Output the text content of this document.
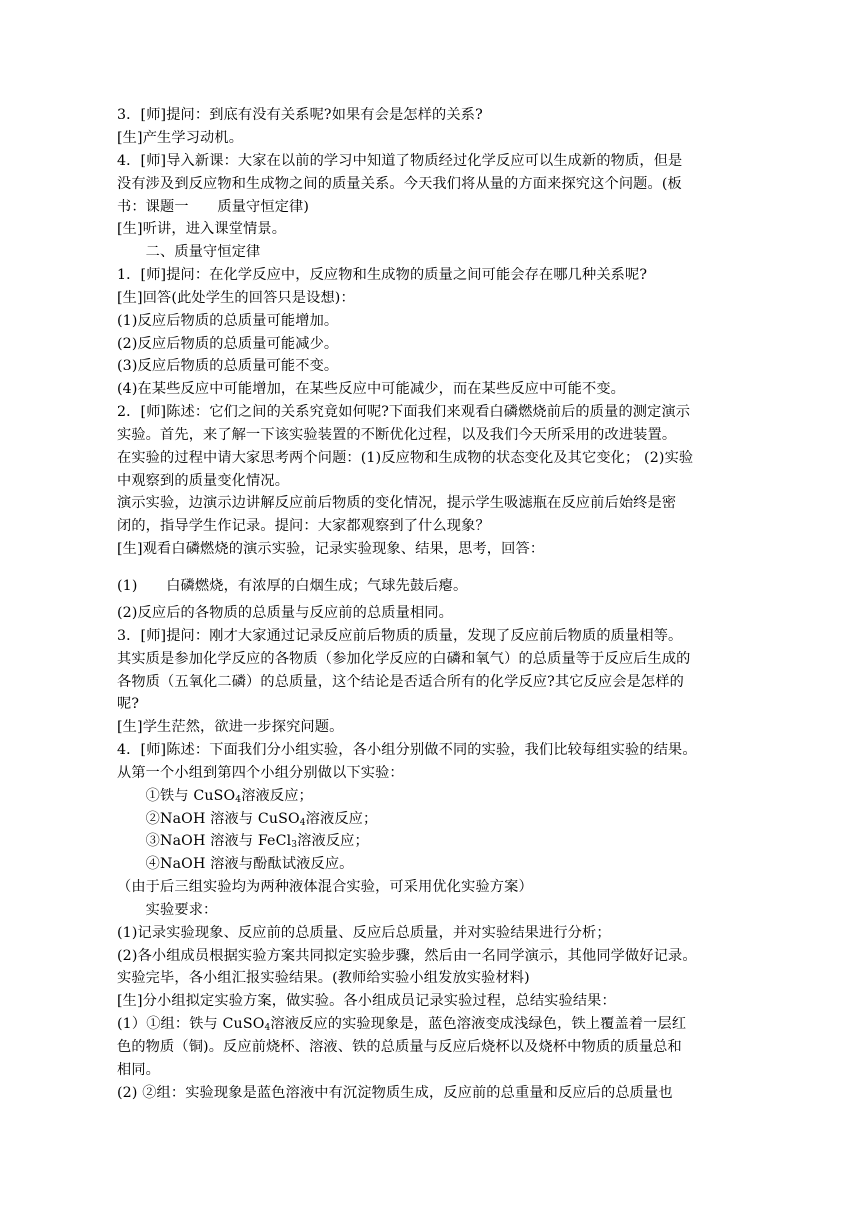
3．[师]提问：到底有没有关系呢?如果有会是怎样的关系?
[生]产生学习动机。
4．[师]导入新课：大家在以前的学习中知道了物质经过化学反应可以生成新的物质，但是
没有涉及到反应物和生成物之间的质量关系。今天我们将从量的方面来探究这个问题。(板
书：课题一　　质量守恒定律)
[生]听讲，进入课堂情景。
　　二、质量守恒定律
1．[师]提问：在化学反应中，反应物和生成物的质量之间可能会存在哪几种关系呢?
[生]回答(此处学生的回答只是设想)：
(1)反应后物质的总质量可能增加。
(2)反应后物质的总质量可能减少。
(3)反应后物质的总质量可能不变。
(4)在某些反应中可能增加，在某些反应中可能减少，而在某些反应中可能不变。
2．[师]陈述：它们之间的关系究竟如何呢?下面我们来观看白磷燃烧前后的质量的测定演示
实验。首先，来了解一下该实验装置的不断优化过程，以及我们今天所采用的改进装置。
在实验的过程中请大家思考两个问题：(1)反应物和生成物的状态变化及其它变化； (2)实验
中观察到的质量变化情况。
演示实验，边演示边讲解反应前后物质的变化情况，提示学生吸滤瓶在反应前后始终是密
闭的，指导学生作记录。提问：大家都观察到了什么现象？
[生]观看白磷燃烧的演示实验，记录实验现象、结果，思考，回答：
(1)　　白磷燃烧，有浓厚的白烟生成；气球先鼓后瘪。
(2)反应后的各物质的总质量与反应前的总质量相同。
3．[师]提问：刚才大家通过记录反应前后物质的质量，发现了反应前后物质的质量相等。
其实质是参加化学反应的各物质（参加化学反应的白磷和氧气）的总质量等于反应后生成的
各物质（五氧化二磷）的总质量，这个结论是否适合所有的化学反应?其它反应会是怎样的
呢?
[生]学生茫然，欲进一步探究问题。
4．[师]陈述：下面我们分小组实验，各小组分别做不同的实验，我们比较每组实验的结果。
从第一个小组到第四个小组分别做以下实验：
　　①铁与 CuSO$_4$溶液反应；
　　②NaOH 溶液与 CuSO$_4$溶液反应；
　　③NaOH 溶液与 FeCl$_3$溶液反应；
　　④NaOH 溶液与酚酞试液反应。
（由于后三组实验均为两种液体混合实验，可采用优化实验方案）
　　实验要求：
(1)记录实验现象、反应前的总质量、反应后总质量，并对实验结果进行分析；
(2)各小组成员根据实验方案共同拟定实验步骤，然后由一名同学演示，其他同学做好记录。
实验完毕，各小组汇报实验结果。(教师给实验小组发放实验材料)
[生]分小组拟定实验方案，做实验。各小组成员记录实验过程，总结实验结果：
(1）①组：铁与 CuSO$_4$溶液反应的实验现象是，蓝色溶液变成浅绿色，铁上覆盖着一层红
色的物质（铜)。反应前烧杯、溶液、铁的总质量与反应后烧杯以及烧杯中物质的质量总和
相同。
(2) ②组：实验现象是蓝色溶液中有沉淀物质生成，反应前的总重量和反应后的总质量也
